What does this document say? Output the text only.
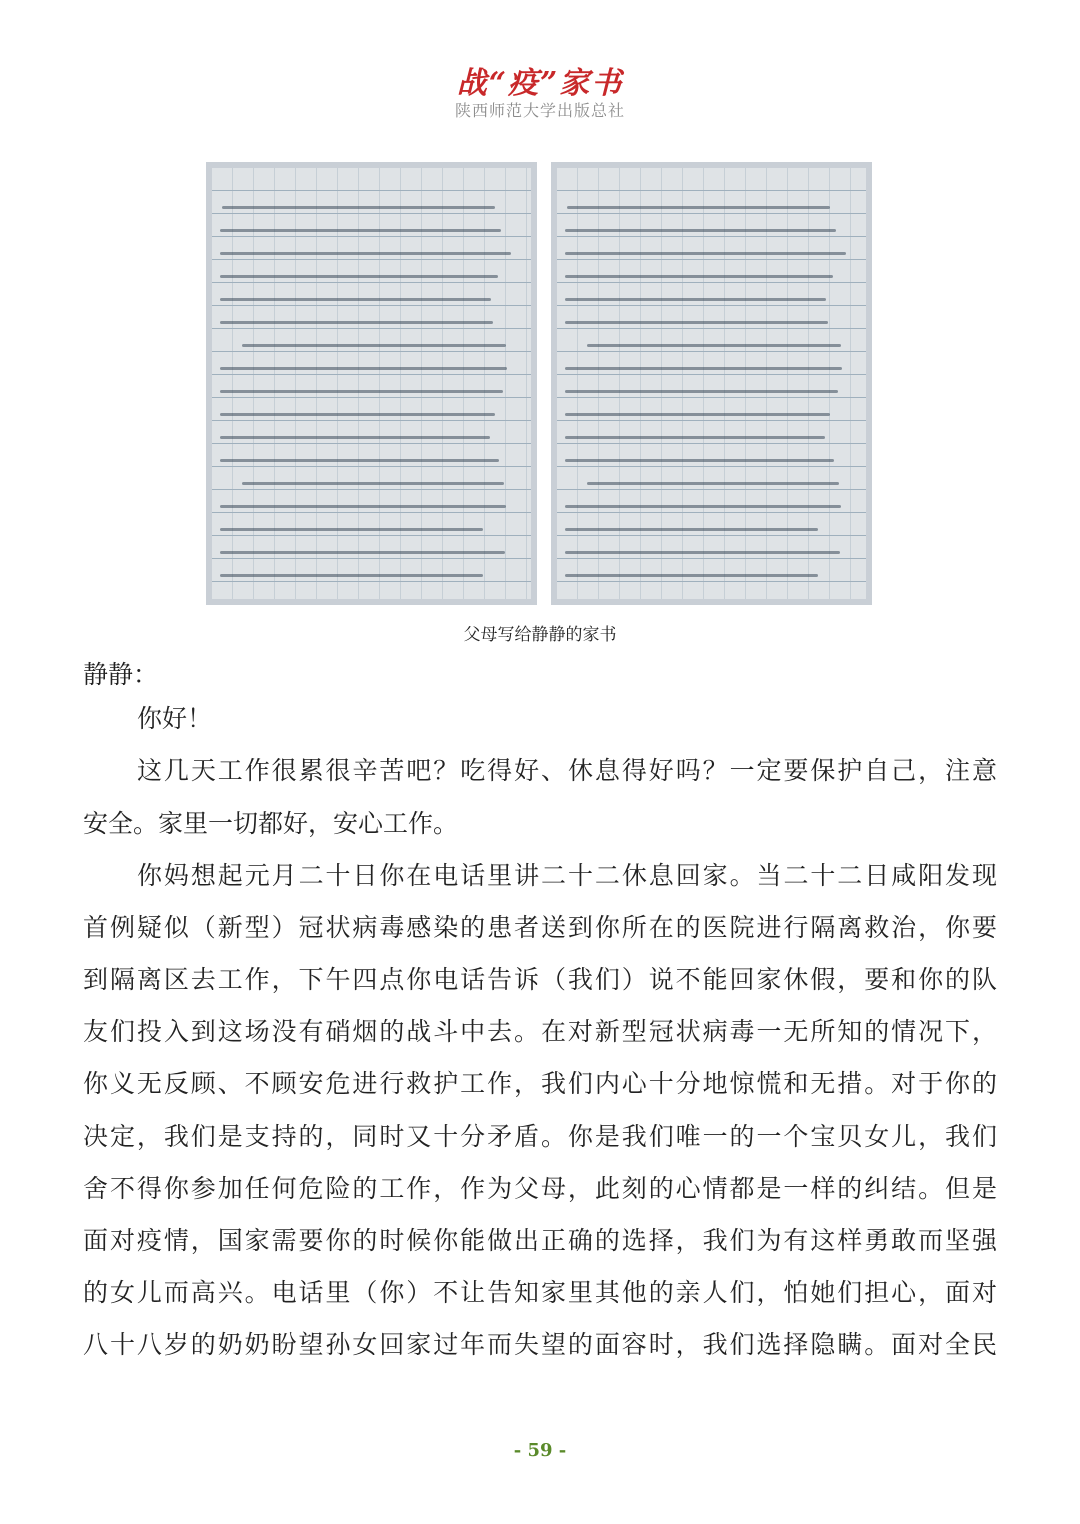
战“疫”家书
陕西师范大学出版总社
父母写给静静的家书
静静：
你好！
这几天工作很累很辛苦吧？吃得好、休息得好吗？一定要保护自己，注意
安全。家里一切都好，安心工作。
你妈想起元月二十日你在电话里讲二十二休息回家。当二十二日咸阳发现
首例疑似（新型）冠状病毒感染的患者送到你所在的医院进行隔离救治，你要
到隔离区去工作，下午四点你电话告诉（我们）说不能回家休假，要和你的队
友们投入到这场没有硝烟的战斗中去。在对新型冠状病毒一无所知的情况下，
你义无反顾、不顾安危进行救护工作，我们内心十分地惊慌和无措。对于你的
决定，我们是支持的，同时又十分矛盾。你是我们唯一的一个宝贝女儿，我们
舍不得你参加任何危险的工作，作为父母，此刻的心情都是一样的纠结。但是
面对疫情，国家需要你的时候你能做出正确的选择，我们为有这样勇敢而坚强
的女儿而高兴。电话里（你）不让告知家里其他的亲人们，怕她们担心，面对
八十八岁的奶奶盼望孙女回家过年而失望的面容时，我们选择隐瞒。面对全民
- 59 -
